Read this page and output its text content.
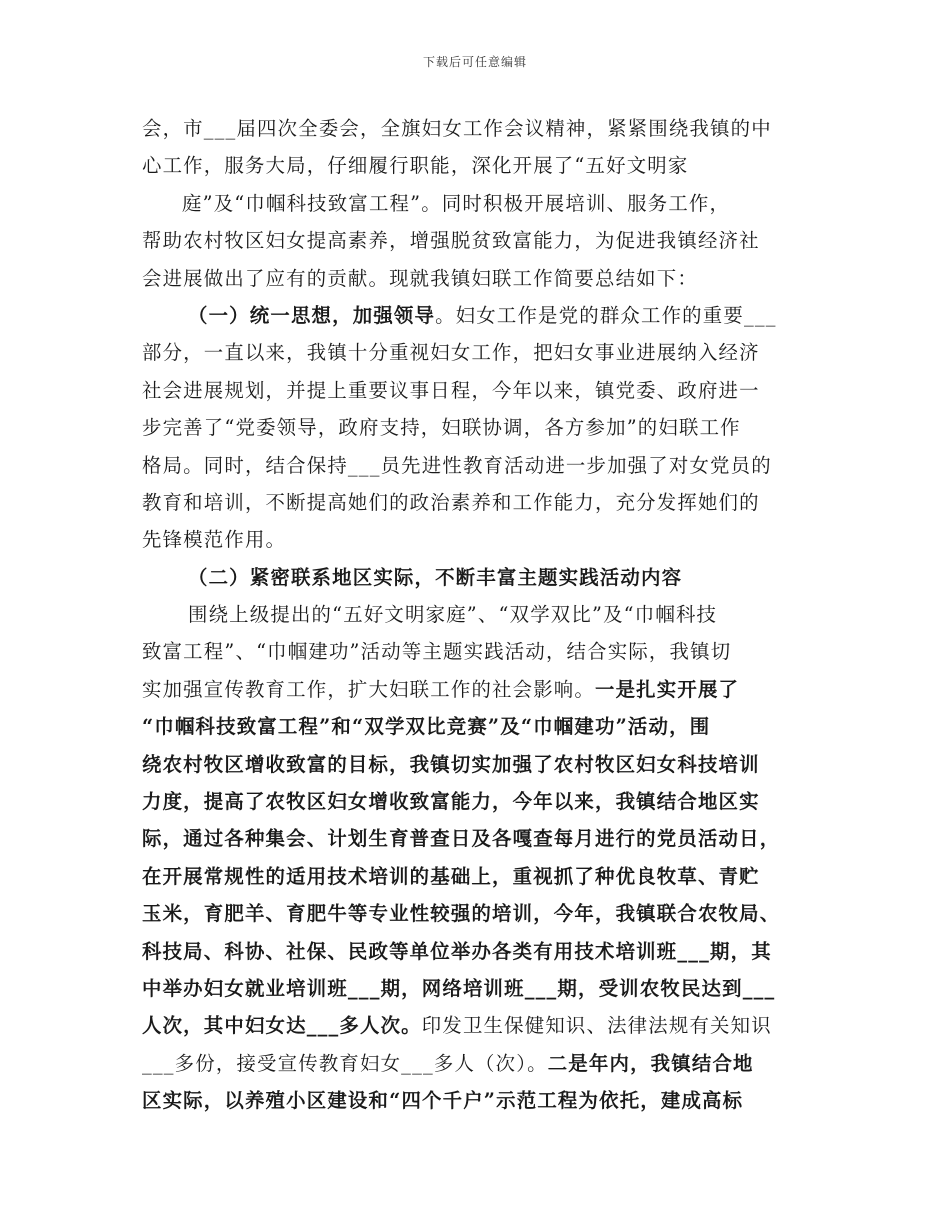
下载后可任意编辑
会，市___届四次全委会，全旗妇女工作会议精神，紧紧围绕我镇的中
心工作，服务大局，仔细履行职能，深化开展了“五好文明家
庭”及“巾帼科技致富工程”。同时积极开展培训、服务工作，
帮助农村牧区妇女提高素养，增强脱贫致富能力，为促进我镇经济社
会进展做出了应有的贡献。现就我镇妇联工作简要总结如下：
（一）统一思想，加强领导。妇女工作是党的群众工作的重要___
部分，一直以来，我镇十分重视妇女工作，把妇女事业进展纳入经济
社会进展规划，并提上重要议事日程，今年以来，镇党委、政府进一
步完善了“党委领导，政府支持，妇联协调，各方参加”的妇联工作
格局。同时，结合保持___员先进性教育活动进一步加强了对女党员的
教育和培训，不断提高她们的政治素养和工作能力，充分发挥她们的
先锋模范作用。
（二）紧密联系地区实际，不断丰富主题实践活动内容
围绕上级提出的“五好文明家庭”、“双学双比”及“巾帼科技
致富工程”、“巾帼建功”活动等主题实践活动，结合实际，我镇切
实加强宣传教育工作，扩大妇联工作的社会影响。一是扎实开展了
“巾帼科技致富工程”和“双学双比竞赛”及“巾帼建功”活动，围
绕农村牧区增收致富的目标，我镇切实加强了农村牧区妇女科技培训
力度，提高了农牧区妇女增收致富能力，今年以来，我镇结合地区实
际，通过各种集会、计划生育普查日及各嘎查每月进行的党员活动日，
在开展常规性的适用技术培训的基础上，重视抓了种优良牧草、青贮
玉米，育肥羊、育肥牛等专业性较强的培训，今年，我镇联合农牧局、
科技局、科协、社保、民政等单位举办各类有用技术培训班___期，其
中举办妇女就业培训班___期，网络培训班___期，受训农牧民达到___
人次，其中妇女达___多人次。印发卫生保健知识、法律法规有关知识
___多份，接受宣传教育妇女___多人（次）。二是年内，我镇结合地
区实际，以养殖小区建设和“四个千户”示范工程为依托，建成高标
